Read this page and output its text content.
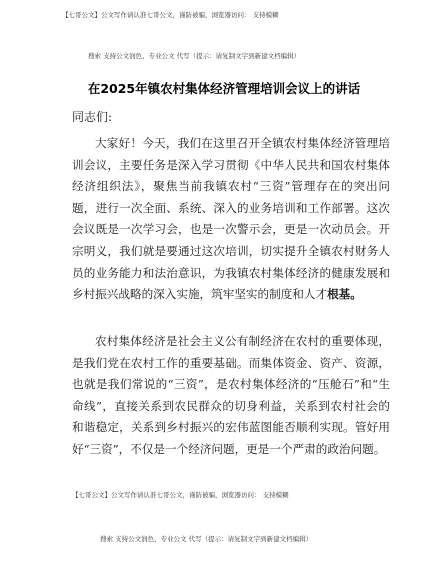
【七哥公文】公文写作请认准七哥公文，谨防被骗，浏览器访问： 支持模糊
搜索 支持公文润色、专业公文 代写（提示：请复制文字到新建文档编辑）
在2025年镇农村集体经济管理培训会议上的讲话
同志们:
大家好！今天，我们在这里召开全镇农村集体经济管理培训会议，主要任务是深入学习贯彻《中华人民共和国农村集体经济组织法》，聚焦当前我镇农村“三资”管理存在的突出问题，进行一次全面、系统、深入的业务培训和工作部署。这次会议既是一次学习会，也是一次警示会，更是一次动员会。开宗明义，我们就是要通过这次培训，切实提升全镇农村财务人员的业务能力和法治意识，为我镇农村集体经济的健康发展和乡村振兴战略的深入实施，筑牢坚实的制度和人才根基。
农村集体经济是社会主义公有制经济在农村的重要体现，是我们党在农村工作的重要基础。而集体资金、资产、资源，也就是我们常说的“三资”，是农村集体经济的“压舱石”和“生命线”，直接关系到农民群众的切身利益，关系到农村社会的和谐稳定，关系到乡村振兴的宏伟蓝图能否顺利实现。管好用好“三资”，不仅是一个经济问题，更是一个严肃的政治问题。
【七哥公文】公文写作请认准七哥公文，谨防被骗，浏览器访问： 支持模糊
搜索 支持公文润色、专业公文 代写（提示：请复制文字到新建文档编辑）
